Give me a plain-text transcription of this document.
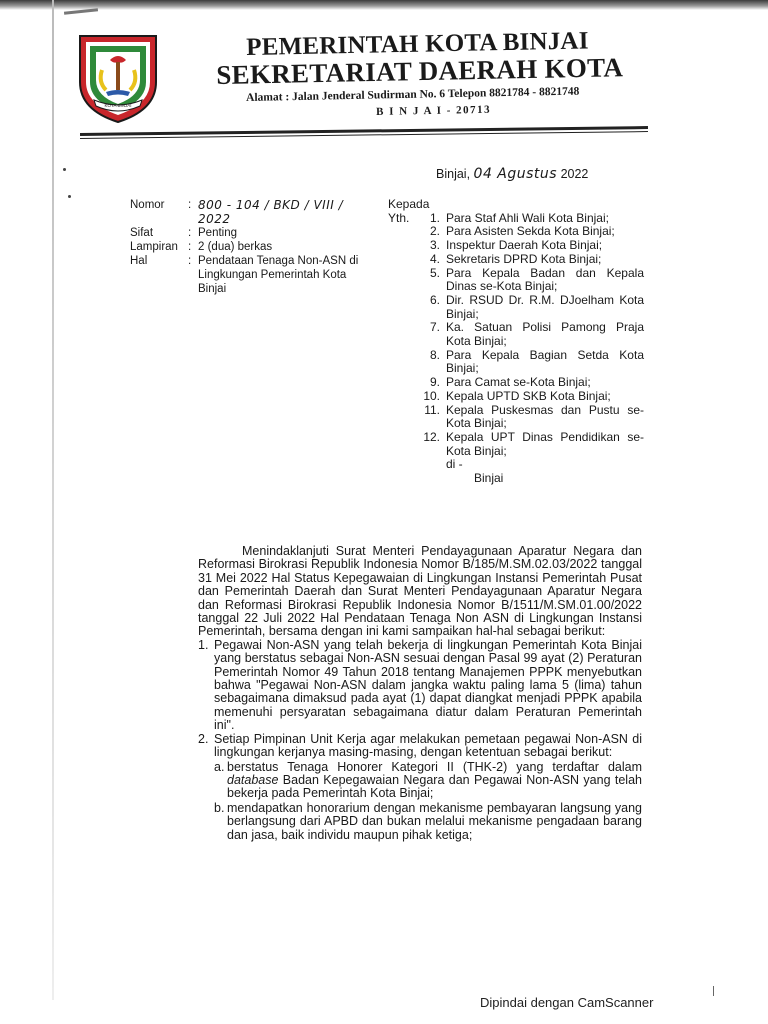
KOTA BINJAI
PEMERINTAH KOTA BINJAI
SEKRETARIAT DAERAH KOTA
Alamat : Jalan Jenderal Sudirman No. 6 Telepon 8821784 - 8821748
B I N J A I - 20713
Binjai, 04 Agustus 2022
Nomor	: 800 - 104 / BKD / VIII / 2022
Sifat	: Penting
Lampiran : 2 (dua) berkas
Hal	: Pendataan Tenaga Non-ASN di Lingkungan Pemerintah Kota Binjai
Kepada
Yth.	1. Para Staf Ahli Wali Kota Binjai;
2. Para Asisten Sekda Kota Binjai;
3. Inspektur Daerah Kota Binjai;
4. Sekretaris DPRD Kota Binjai;
5. Para Kepala Badan dan Kepala Dinas se-Kota Binjai;
6. Dir. RSUD Dr. R.M. DJoelham Kota Binjai;
7. Ka. Satuan Polisi Pamong Praja Kota Binjai;
8. Para Kepala Bagian Setda Kota Binjai;
9. Para Camat se-Kota Binjai;
10. Kepala UPTD SKB Kota Binjai;
11. Kepala Puskesmas dan Pustu se-Kota Binjai;
12. Kepala UPT Dinas Pendidikan se-Kota Binjai;
di -
Binjai
Menindaklanjuti Surat Menteri Pendayagunaan Aparatur Negara dan Reformasi Birokrasi Republik Indonesia Nomor B/185/M.SM.02.03/2022 tanggal 31 Mei 2022 Hal Status Kepegawaian di Lingkungan Instansi Pemerintah Pusat dan Pemerintah Daerah dan Surat Menteri Pendayagunaan Aparatur Negara dan Reformasi Birokrasi Republik Indonesia Nomor B/1511/M.SM.01.00/2022 tanggal 22 Juli 2022 Hal Pendataan Tenaga Non ASN di Lingkungan Instansi Pemerintah, bersama dengan ini kami sampaikan hal-hal sebagai berikut:
1. Pegawai Non-ASN yang telah bekerja di lingkungan Pemerintah Kota Binjai yang berstatus sebagai Non-ASN sesuai dengan Pasal 99 ayat (2) Peraturan Pemerintah Nomor 49 Tahun 2018 tentang Manajemen PPPK menyebutkan bahwa "Pegawai Non-ASN dalam jangka waktu paling lama 5 (lima) tahun sebagaimana dimaksud pada ayat (1) dapat diangkat menjadi PPPK apabila memenuhi persyaratan sebagaimana diatur dalam Peraturan Pemerintah ini".
2. Setiap Pimpinan Unit Kerja agar melakukan pemetaan pegawai Non-ASN di lingkungan kerjanya masing-masing, dengan ketentuan sebagai berikut:
a. berstatus Tenaga Honorer Kategori II (THK-2) yang terdaftar dalam database Badan Kepegawaian Negara dan Pegawai Non-ASN yang telah bekerja pada Pemerintah Kota Binjai;
b. mendapatkan honorarium dengan mekanisme pembayaran langsung yang berlangsung dari APBD dan bukan melalui mekanisme pengadaan barang dan jasa, baik individu maupun pihak ketiga;
Dipindai dengan CamScanner
